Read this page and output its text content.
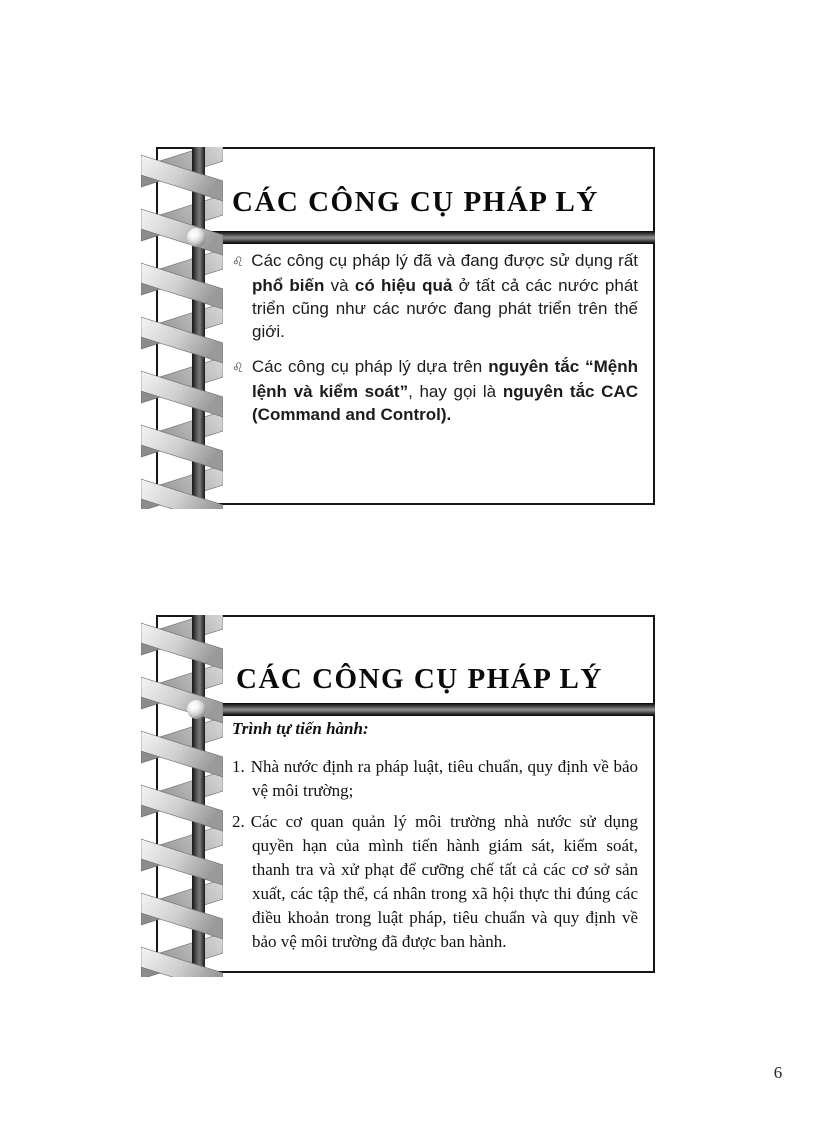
CÁC CÔNG CỤ PHÁP LÝ
♌ Các công cụ pháp lý đã và đang được sử dụng rất phổ biến và có hiệu quả ở tất cả các nước phát triển cũng như các nước đang phát triển trên thế giới.
♌ Các công cụ pháp lý dựa trên nguyên tắc “Mệnh lệnh và kiểm soát”, hay gọi là nguyên tắc CAC (Command and Control).
CÁC CÔNG CỤ PHÁP LÝ
Trình tự tiến hành:
1. Nhà nước định ra pháp luật, tiêu chuẩn, quy định về bảo vệ môi trường;
2. Các cơ quan quản lý môi trường nhà nước sử dụng quyền hạn của mình tiến hành giám sát, kiểm soát, thanh tra và xử phạt để cưỡng chế tất cả các cơ sở sản xuất, các tập thể, cá nhân trong xã hội thực thi đúng các điều khoản trong luật pháp, tiêu chuẩn và quy định về bảo vệ môi trường đã được ban hành.
6
